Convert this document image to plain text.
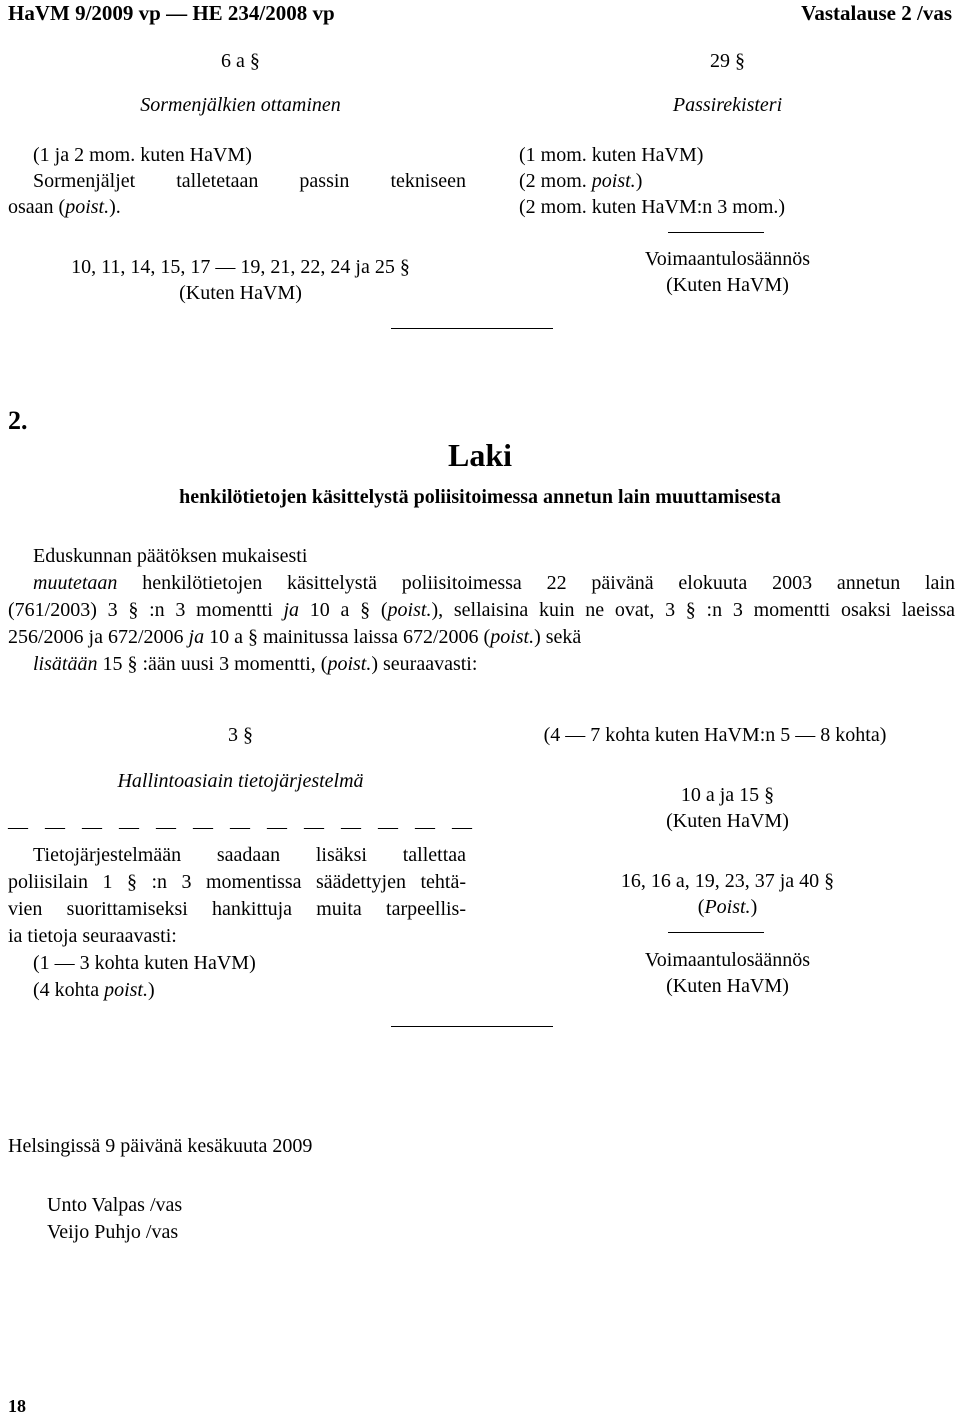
HaVM 9/2009 vp — HE 234/2008 vp	Vastalause 2 /vas
6 a §
Sormenjälkien ottaminen
(1 ja 2 mom. kuten HaVM)
Sormenjäljet talletetaan passin tekniseen
osaan (poist.).
10, 11, 14, 15, 17 — 19, 21, 22, 24 ja 25 §
(Kuten HaVM)
29 §
Passirekisteri
(1 mom. kuten HaVM)
(2 mom. poist.)
(2 mom. kuten HaVM:n 3 mom.)
Voimaantulosäännös
(Kuten HaVM)
2.
Laki
henkilötietojen käsittelystä poliisitoimessa annetun lain muuttamisesta
Eduskunnan päätöksen mukaisesti
muutetaan henkilötietojen käsittelystä poliisitoimessa 22 päivänä elokuuta 2003 annetun lain
(761/2003) 3 § :n 3 momentti ja 10 a § (poist.), sellaisina kuin ne ovat, 3 § :n 3 momentti osaksi laeissa
256/2006 ja 672/2006 ja 10 a § mainitussa laissa 672/2006 (poist.) sekä
lisätään 15 § :ään uusi 3 momentti, (poist.) seuraavasti:
3 §
Hallintoasiain tietojärjestelmä
— — — — — — — — — — — — —
Tietojärjestelmään saadaan lisäksi tallettaa
poliisilain 1 § :n 3 momentissa säädettyjen tehtä-
vien suorittamiseksi hankittuja muita tarpeellis-
ia tietoja seuraavasti:
(1 — 3 kohta kuten HaVM)
(4 kohta poist.)
(4 — 7 kohta kuten HaVM:n 5 — 8 kohta)
10 a ja 15 §
(Kuten HaVM)
16, 16 a, 19, 23, 37 ja 40 §
(Poist.)
Voimaantulosäännös
(Kuten HaVM)
Helsingissä 9 päivänä kesäkuuta 2009
Unto Valpas /vas
Veijo Puhjo /vas
18
